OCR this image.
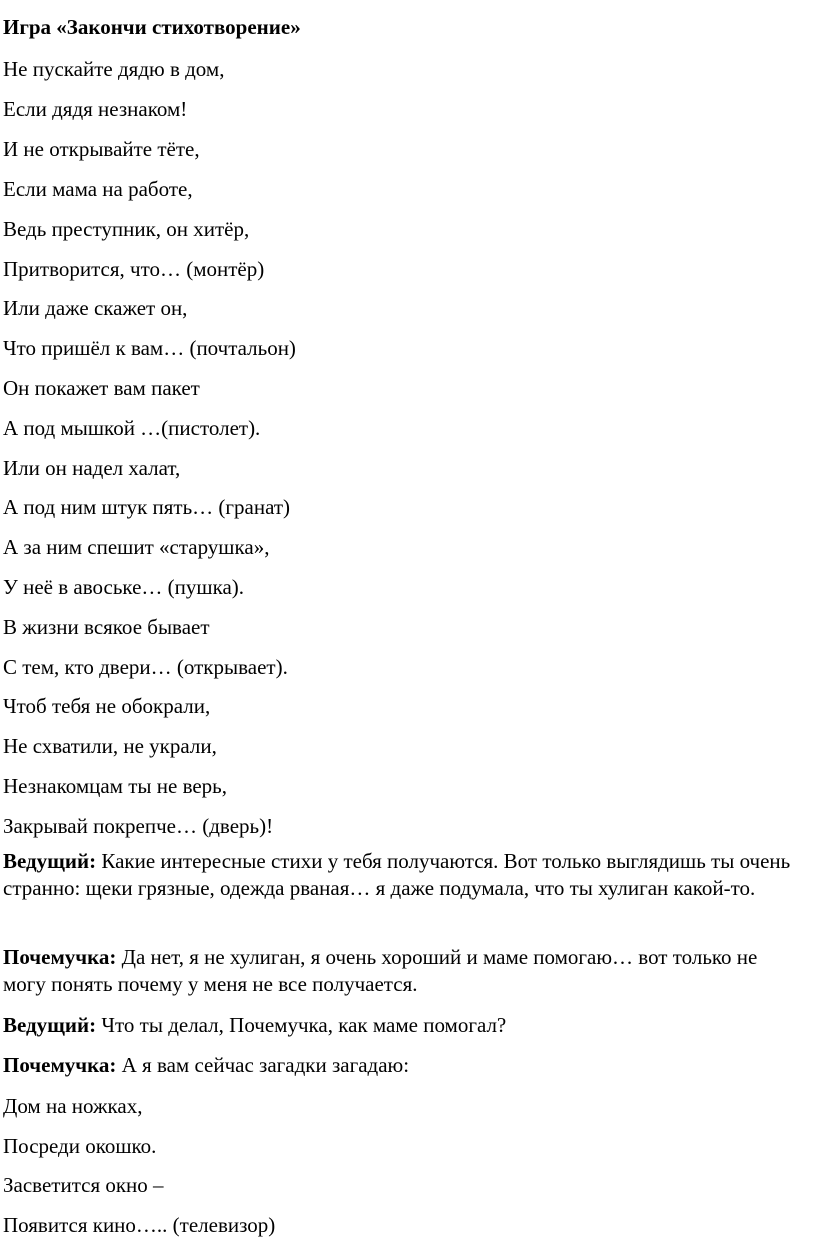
Игра «Закончи стихотворение»
Не пускайте дядю в дом,
Если дядя незнаком!
И не открывайте тёте,
Если мама на работе,
Ведь преступник, он хитёр,
Притворится, что… (монтёр)
Или даже скажет он,
Что пришёл к вам… (почтальон)
Он покажет вам пакет
А под мышкой …(пистолет).
Или он надел халат,
А под ним штук пять… (гранат)
А за ним спешит «старушка»,
У неё в авоське… (пушка).
В жизни всякое бывает
С тем, кто двери… (открывает).
Чтоб тебя не обокрали,
Не схватили, не украли,
Незнакомцам ты не верь,
Закрывай покрепче… (дверь)!
Ведущий: Какие интересные стихи у тебя получаются. Вот только выглядишь ты очень странно: щеки грязные, одежда рваная… я даже подумала, что ты хулиган какой-то.
Почемучка: Да нет, я не хулиган, я очень хороший и маме помогаю… вот только не могу понять почему у меня не все получается.
Ведущий: Что ты делал, Почемучка, как маме помогал?
Почемучка: А я вам сейчас загадки загадаю:
Дом на ножках,
Посреди окошко.
Засветится окно –
Появится кино….. (телевизор)
